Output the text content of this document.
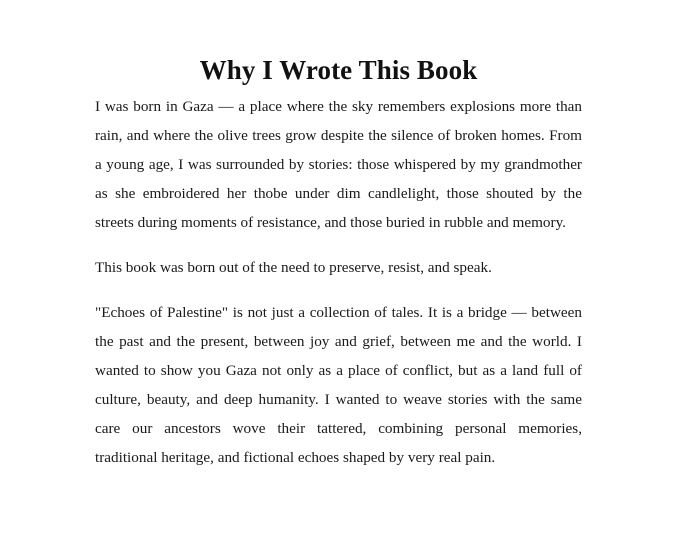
Why I Wrote This Book

I was born in Gaza — a place where the sky remembers explosions more than rain, and where the olive trees grow despite the silence of broken homes. From a young age, I was surrounded by stories: those whispered by my grandmother as she embroidered her thobe under dim candlelight, those shouted by the streets during moments of resistance, and those buried in rubble and memory.

This book was born out of the need to preserve, resist, and speak.

"Echoes of Palestine" is not just a collection of tales. It is a bridge — between the past and the present, between joy and grief, between me and the world. I wanted to show you Gaza not only as a place of conflict, but as a land full of culture, beauty, and deep humanity. I wanted to weave stories with the same care our ancestors wove their tattered, combining personal memories, traditional heritage, and fictional echoes shaped by very real pain.
